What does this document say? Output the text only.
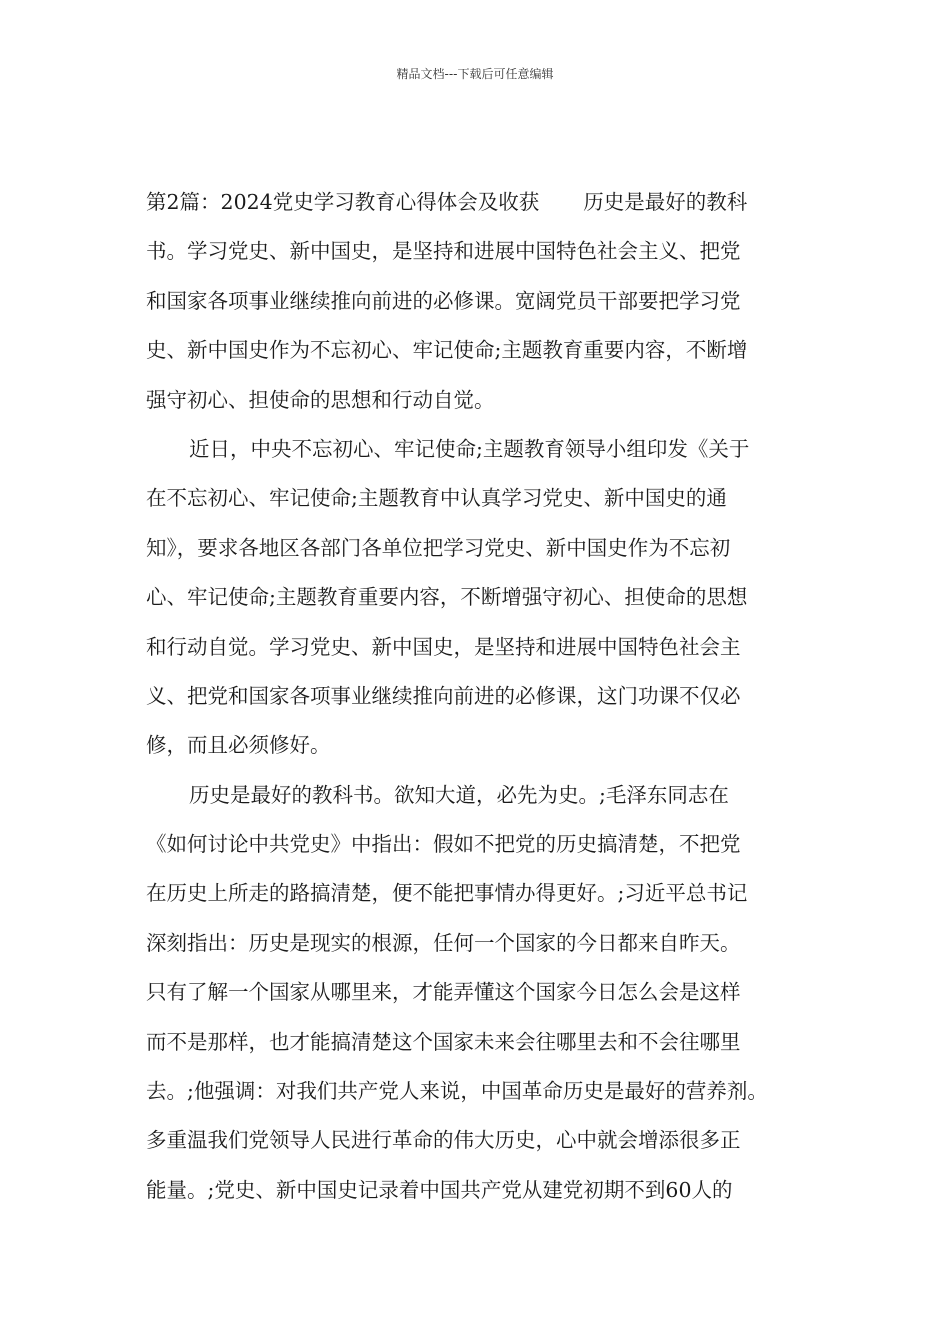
精品文档---下载后可任意编辑
第2篇：2024党史学习教育心得体会及收获 历史是最好的教科
书。学习党史、新中国史，是坚持和进展中国特色社会主义、把党
和国家各项事业继续推向前进的必修课。宽阔党员干部要把学习党
史、新中国史作为不忘初心、牢记使命;主题教育重要内容，不断增
强守初心、担使命的思想和行动自觉。
近日，中央不忘初心、牢记使命;主题教育领导小组印发《关于
在不忘初心、牢记使命;主题教育中认真学习党史、新中国史的通
知》，要求各地区各部门各单位把学习党史、新中国史作为不忘初
心、牢记使命;主题教育重要内容，不断增强守初心、担使命的思想
和行动自觉。学习党史、新中国史，是坚持和进展中国特色社会主
义、把党和国家各项事业继续推向前进的必修课，这门功课不仅必
修，而且必须修好。
历史是最好的教科书。欲知大道，必先为史。;毛泽东同志在
《如何讨论中共党史》中指出：假如不把党的历史搞清楚，不把党
在历史上所走的路搞清楚，便不能把事情办得更好。;习近平总书记
深刻指出：历史是现实的根源，任何一个国家的今日都来自昨天。
只有了解一个国家从哪里来，才能弄懂这个国家今日怎么会是这样
而不是那样，也才能搞清楚这个国家未来会往哪里去和不会往哪里
去。;他强调：对我们共产党人来说，中国革命历史是最好的营养剂。
多重温我们党领导人民进行革命的伟大历史，心中就会增添很多正
能量。;党史、新中国史记录着中国共产党从建党初期不到60人的
